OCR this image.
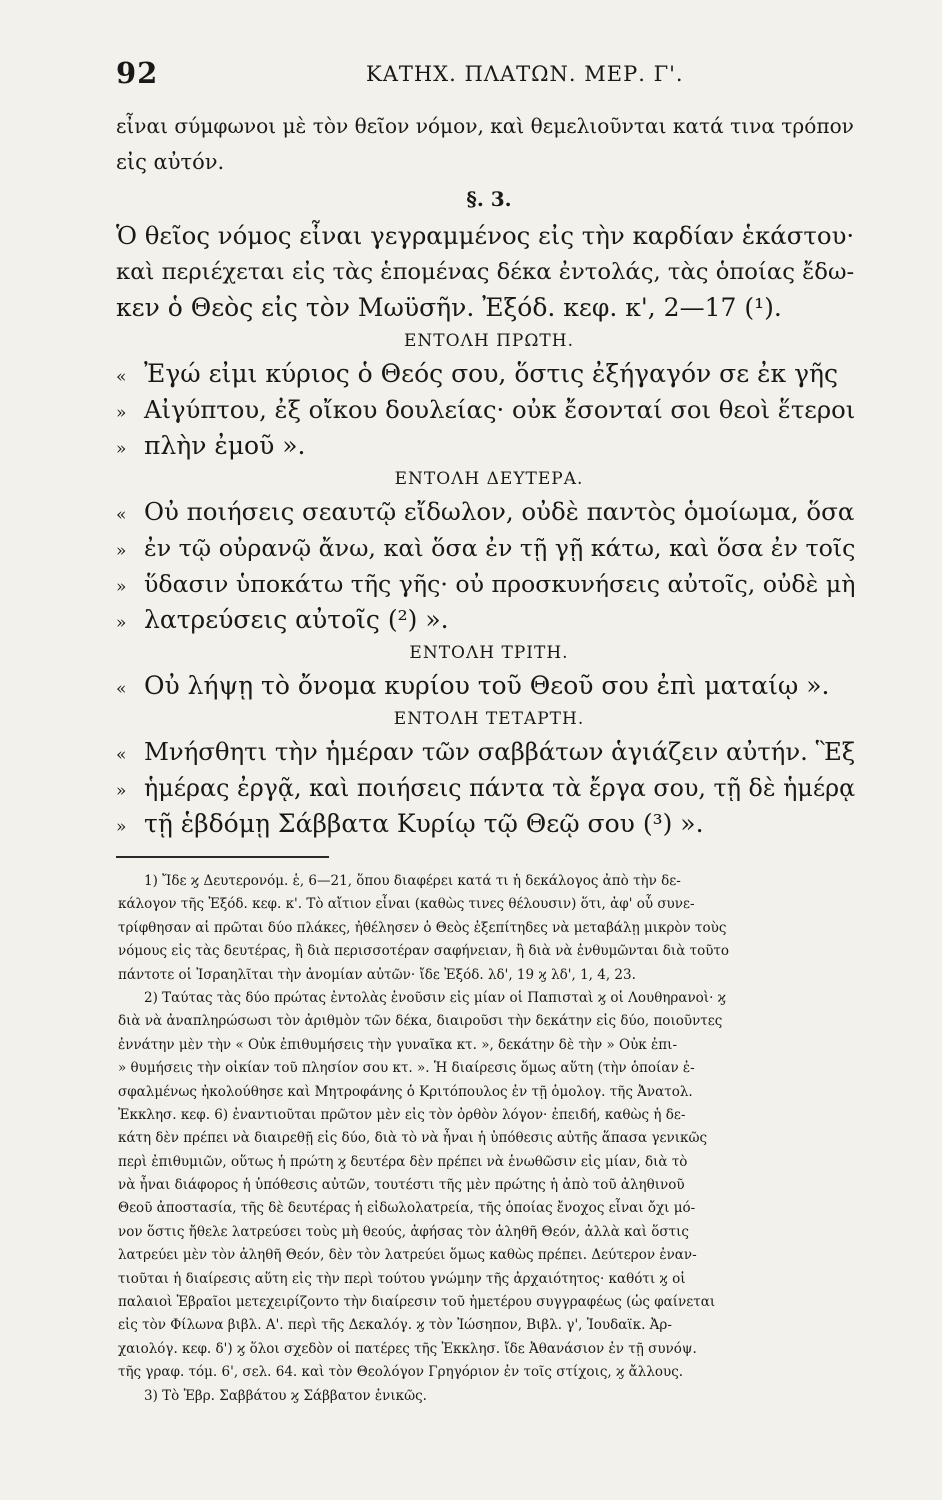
92	ΚΑΤΗΧ. ΠΛΑΤΩΝ. ΜΕΡ. Γ'.
εἶναι σύμφωνοι μὲ τὸν θεῖον νόμον, καὶ θεμελιοῦνται κατά τινα τρόπον
εἰς αὐτόν.
§. 3.
Ὁ θεῖος νόμος εἶναι γεγραμμένος εἰς τὴν καρδίαν ἑκάστου·
καὶ περιέχεται εἰς τὰς ἑπομένας δέκα ἐντολάς, τὰς ὁποίας ἔδω-
κεν ὁ Θεὸς εἰς τὸν Μωϋσῆν. Ἐξόδ. κεφ. κ', 2—17 (¹).
ΕΝΤΟΛΗ ΠΡΩΤΗ.
« Ἐγώ εἰμι κύριος ὁ Θεός σου, ὅστις ἐξήγαγόν σε ἐκ γῆς
» Αἰγύπτου, ἐξ οἴκου δουλείας· οὐκ ἔσονταί σοι θεοὶ ἕτεροι
» πλὴν ἐμοῦ ».
ΕΝΤΟΛΗ ΔΕΥΤΕΡΑ.
« Οὐ ποιήσεις σεαυτῷ εἴδωλον, οὐδὲ παντὸς ὁμοίωμα, ὅσα
» ἐν τῷ οὐρανῷ ἄνω, καὶ ὅσα ἐν τῇ γῇ κάτω, καὶ ὅσα ἐν τοῖς
» ὕδασιν ὑποκάτω τῆς γῆς· οὐ προσκυνήσεις αὐτοῖς, οὐδὲ μὴ
» λατρεύσεις αὐτοῖς (²) ».
ΕΝΤΟΛΗ ΤΡΙΤΗ.
« Οὐ λήψῃ τὸ ὄνομα κυρίου τοῦ Θεοῦ σου ἐπὶ ματαίῳ ».
ΕΝΤΟΛΗ ΤΕΤΑΡΤΗ.
« Μνήσθητι τὴν ἡμέραν τῶν σαββάτων ἁγιάζειν αὐτήν. Ἓξ
» ἡμέρας ἐργᾷ, καὶ ποιήσεις πάντα τὰ ἔργα σου, τῇ δὲ ἡμέρᾳ
» τῇ ἑβδόμῃ Σάββατα Κυρίῳ τῷ Θεῷ σου (³) ».
1) Ἴδε ϗ Δευτερονόμ. ἑ, 6—21, ὅπου διαφέρει κατά τι ἡ δεκάλογος ἀπὸ τὴν δε-
κάλογον τῆς Ἐξόδ. κεφ. κ'. Τὸ αἴτιον εἶναι (καθὼς τινες θέλουσιν) ὅτι, ἀφ' οὗ συνε-
τρίφθησαν αἱ πρῶται δύο πλάκες, ἠθέλησεν ὁ Θεὸς ἐξεπίτηδες νὰ μεταβάλῃ μικρὸν τοὺς
νόμους εἰς τὰς δευτέρας, ἢ διὰ περισσοτέραν σαφήνειαν, ἢ διὰ νὰ ἐνθυμῶνται διὰ τοῦτο
πάντοτε οἱ Ἰσραηλῖται τὴν ἀνομίαν αὐτῶν· ἴδε Ἐξόδ. λδ', 19 ϗ λδ', 1, 4, 23.
2) Ταύτας τὰς δύο πρώτας ἐντολὰς ἑνοῦσιν εἰς μίαν οἱ Παπισταὶ ϗ οἱ Λουθηρανοὶ· ϗ
διὰ νὰ ἀναπληρώσωσι τὸν ἀριθμὸν τῶν δέκα, διαιροῦσι τὴν δεκάτην εἰς δύο, ποιοῦντες
ἐννάτην μὲν τὴν « Οὐκ ἐπιθυμήσεις τὴν γυναῖκα κτ. », δεκάτην δὲ τὴν » Οὐκ ἐπι-
» θυμήσεις τὴν οἰκίαν τοῦ πλησίον σου κτ. ». Ἡ διαίρεσις ὅμως αὕτη (τὴν ὁποίαν ἐ-
σφαλμένως ἠκολούθησε καὶ Μητροφάνης ὁ Κριτόπουλος ἐν τῇ ὁμολογ. τῆς Ἀνατολ.
Ἐκκλησ. κεφ. 6) ἐναντιοῦται πρῶτον μὲν εἰς τὸν ὀρθὸν λόγον· ἐπειδή, καθὼς ἡ δε-
κάτη δὲν πρέπει νὰ διαιρεθῇ εἰς δύο, διὰ τὸ νὰ ἦναι ἡ ὑπόθεσις αὐτῆς ἅπασα γενικῶς
περὶ ἐπιθυμιῶν, οὕτως ἡ πρώτη ϗ δευτέρα δὲν πρέπει νὰ ἑνωθῶσιν εἰς μίαν, διὰ τὸ
νὰ ἦναι διάφορος ἡ ὑπόθεσις αὐτῶν, τουτέστι τῆς μὲν πρώτης ἡ ἀπὸ τοῦ ἀληθινοῦ
Θεοῦ ἀποστασία, τῆς δὲ δευτέρας ἡ εἰδωλολατρεία, τῆς ὁποίας ἔνοχος εἶναι ὄχι μό-
νον ὅστις ἤθελε λατρεύσει τοὺς μὴ θεούς, ἀφήσας τὸν ἀληθῆ Θεόν, ἀλλὰ καὶ ὅστις
λατρεύει μὲν τὸν ἀληθῆ Θεόν, δὲν τὸν λατρεύει ὅμως καθὼς πρέπει. Δεύτερον ἐναν-
τιοῦται ἡ διαίρεσις αὕτη εἰς τὴν περὶ τούτου γνώμην τῆς ἀρχαιότητος· καθότι ϗ οἱ
παλαιοὶ Ἑβραῖοι μετεχειρίζοντο τὴν διαίρεσιν τοῦ ἡμετέρου συγγραφέως (ὡς φαίνεται
εἰς τὸν Φίλωνα βιβλ. Α'. περὶ τῆς Δεκαλόγ. ϗ τὸν Ἰώσηπον, Βιβλ. γ', Ἰουδαϊκ. Ἀρ-
χαιολόγ. κεφ. δ') ϗ ὅλοι σχεδὸν οἱ πατέρες τῆς Ἐκκλησ. ἴδε Ἀθανάσιον ἐν τῇ συνόψ.
τῆς γραφ. τόμ. 6', σελ. 64. καὶ τὸν Θεολόγον Γρηγόριον ἐν τοῖς στίχοις, ϗ ἄλλους.
3) Τὸ Ἑβρ. Σαββάτου ϗ Σάββατον ἑνικῶς.
